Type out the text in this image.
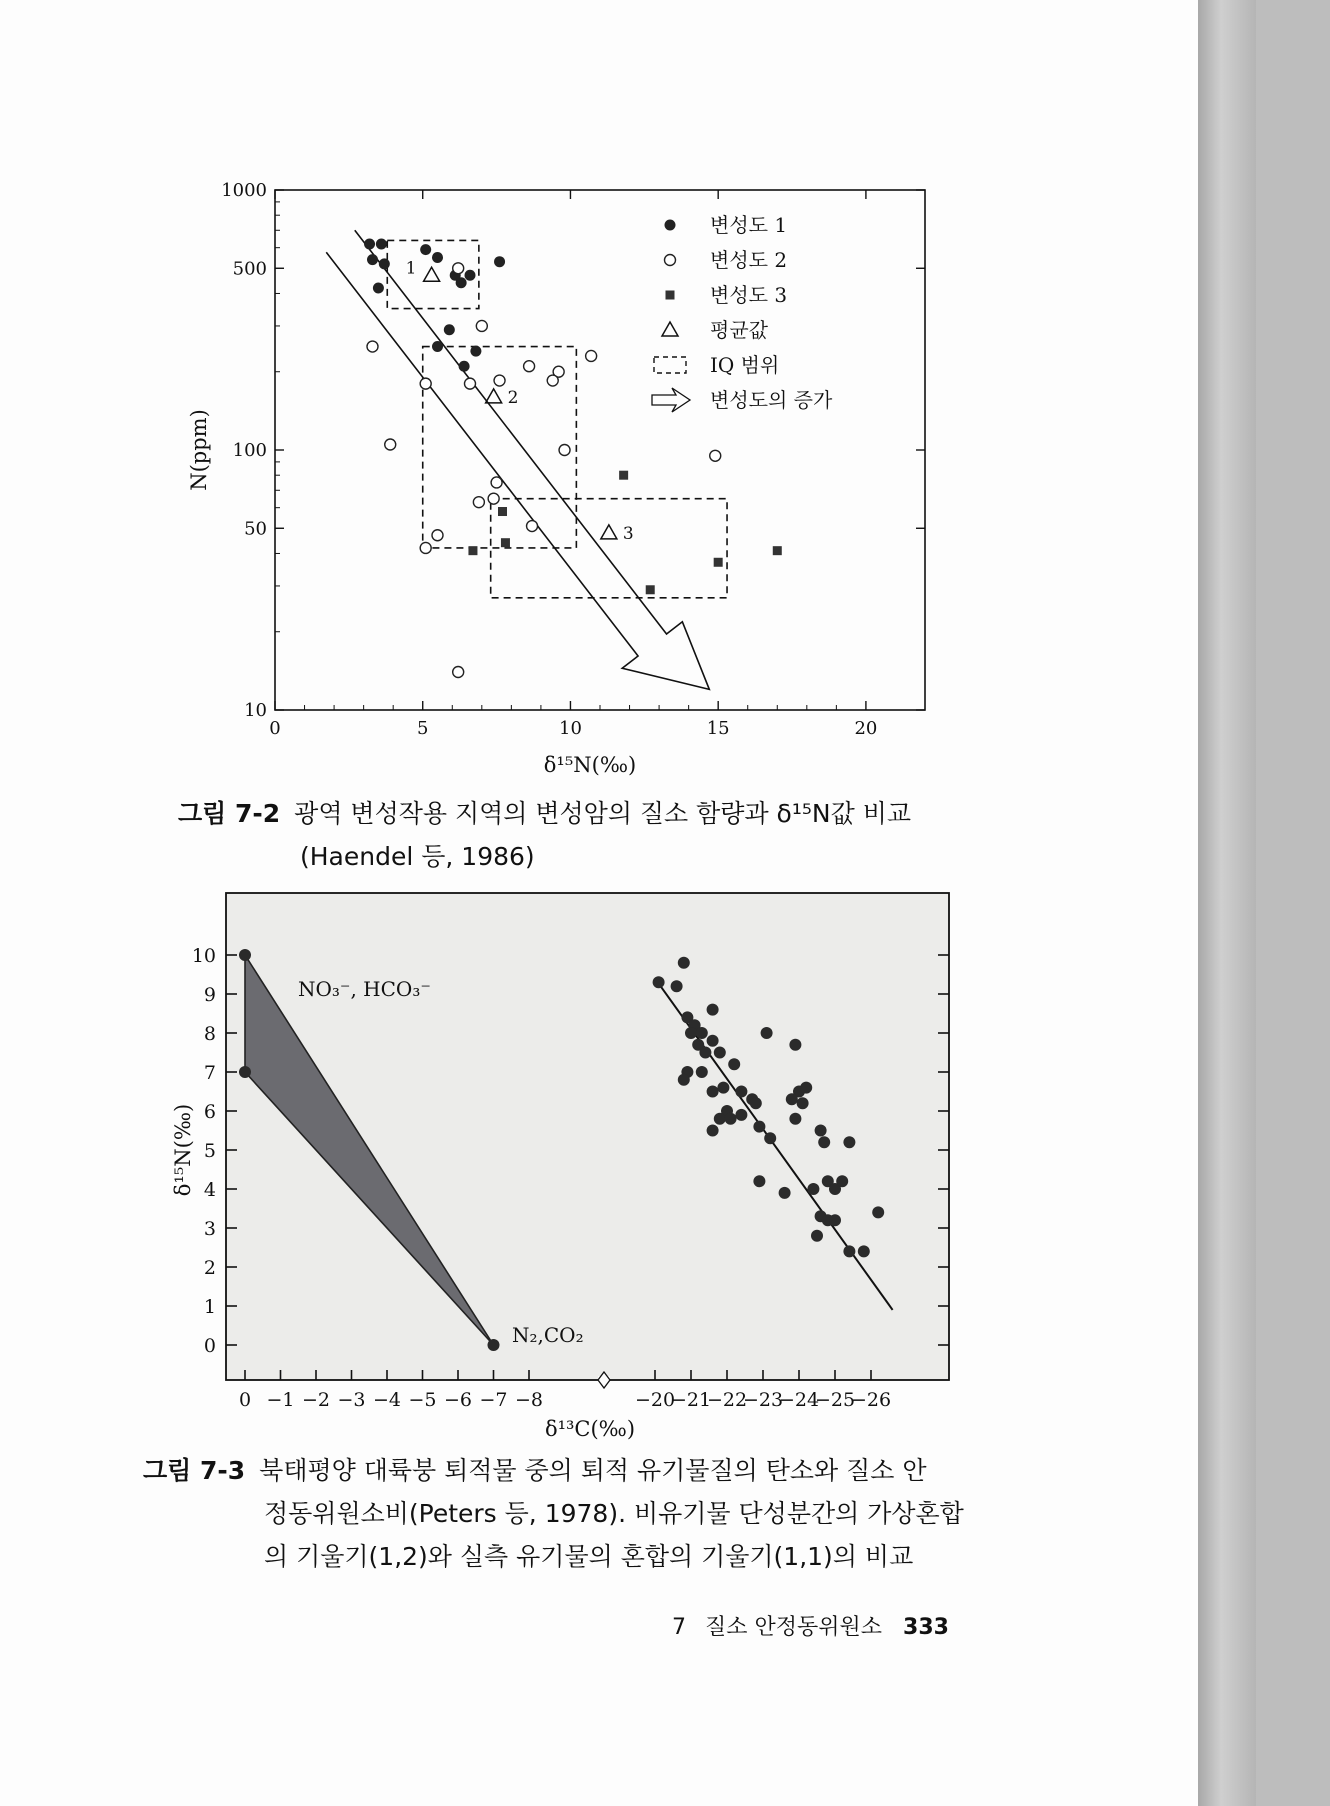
0	5	10	15	20
10
50
100
500
1000
1
2
3
변성도 1
변성도 2
변성도 3
평균값
IQ 범위
변성도의 증가
δ¹⁵N(‰)
N(ppm)
그림 7-2 광역 변성작용 지역의 변성암의 질소 함량과 δ¹⁵N값 비교
(Haendel 등, 1986)
0
1
2
3
4
5
6
7
8
9
10
0 −1 −2 −3 −4 −5 −6 −7 −8	−20
−21
−22
−23
−24
−25
−26
NO₃⁻, HCO₃⁻
N₂,CO₂
δ¹³C(‰)
δ¹⁵N(‰)
그림 7-3 북태평양 대륙붕 퇴적물 중의 퇴적 유기물질의 탄소와 질소 안
정동위원소비(Peters 등, 1978). 비유기물 단성분간의 가상혼합
의 기울기(1,2)와 실측 유기물의 혼합의 기울기(1,1)의 비교
7 질소 안정동위원소 333
